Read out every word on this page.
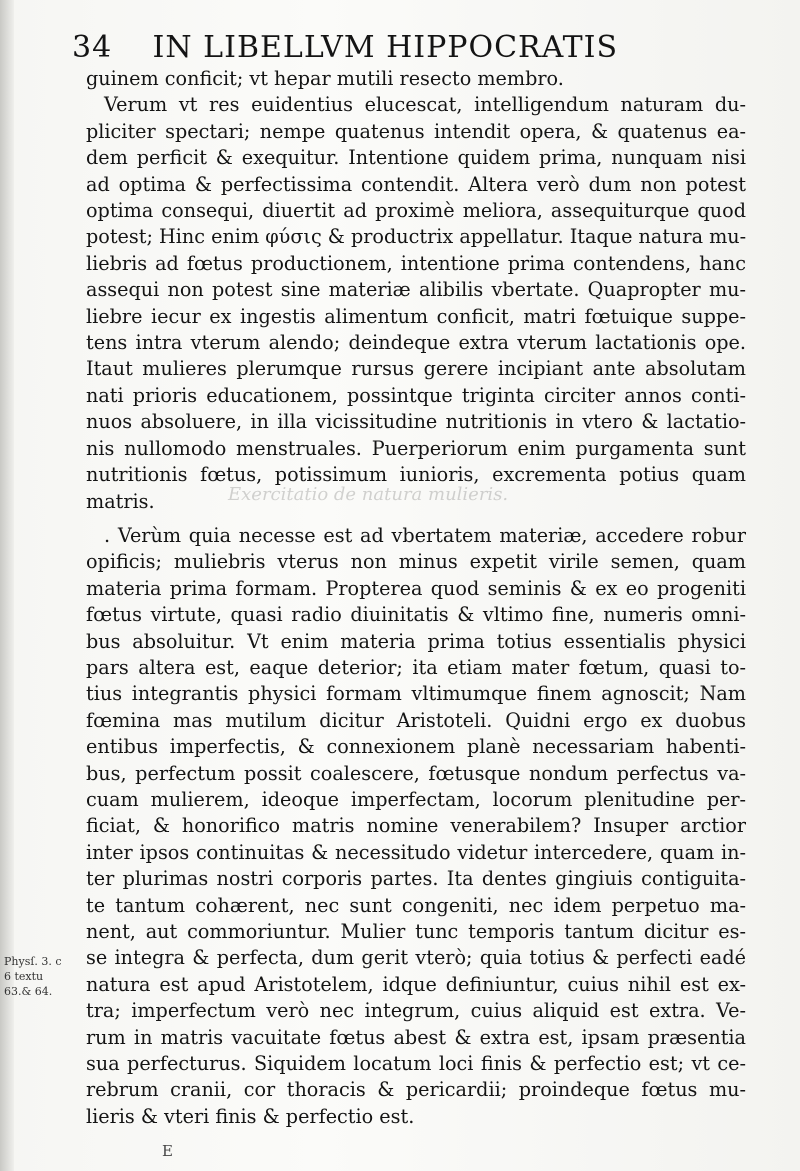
Exercitatio de natura mulieris.
34 IN LIBELLVM HIPPOCRATIS
guinem conficit; vt hepar mutili resecto membro.
Verum vt res euidentius elucescat, intelligendum naturam du-
pliciter spectari; nempe quatenus intendit opera, & quatenus ea-
dem perficit & exequitur. Intentione quidem prima, nunquam nisi
ad optima & perfectissima contendit. Altera verò dum non potest
optima consequi, diuertit ad proximè meliora, assequiturque quod
potest; Hinc enim φύσις & productrix appellatur. Itaque natura mu-
liebris ad fœtus productionem, intentione prima contendens, hanc
assequi non potest sine materiæ alibilis vbertate. Quapropter mu-
liebre iecur ex ingestis alimentum conficit, matri fœtuique suppe-
tens intra vterum alendo; deindeque extra vterum lactationis ope.
Itaut mulieres plerumque rursus gerere incipiant ante absolutam
nati prioris educationem, possintque triginta circiter annos conti-
nuos absoluere, in illa vicissitudine nutritionis in vtero & lactatio-
nis nullomodo menstruales. Puerperiorum enim purgamenta sunt
nutritionis fœtus, potissimum iunioris, excrementa potius quam
matris.
. Verùm quia necesse est ad vbertatem materiæ, accedere robur
opificis; muliebris vterus non minus expetit virile semen, quam
materia prima formam. Propterea quod seminis & ex eo progeniti
fœtus virtute, quasi radio diuinitatis & vltimo fine, numeris omni-
bus absoluitur. Vt enim materia prima totius essentialis physici
pars altera est, eaque deterior; ita etiam mater fœtum, quasi to-
tius integrantis physici formam vltimumque finem agnoscit; Nam
fœmina mas mutilum dicitur Aristoteli. Quidni ergo ex duobus
entibus imperfectis, & connexionem planè necessariam habenti-
bus, perfectum possit coalescere, fœtusque nondum perfectus va-
cuam mulierem, ideoque imperfectam, locorum plenitudine per-
ficiat, & honorifico matris nomine venerabilem? Insuper arctior
inter ipsos continuitas & necessitudo videtur intercedere, quam in-
ter plurimas nostri corporis partes. Ita dentes gingiuis contiguita-
te tantum cohærent, nec sunt congeniti, nec idem perpetuo ma-
nent, aut commoriuntur. Mulier tunc temporis tantum dicitur es-
se integra & perfecta, dum gerit vterò; quia totius & perfecti eadé
natura est apud Aristotelem, idque definiuntur, cuius nihil est ex-
tra; imperfectum verò nec integrum, cuius aliquid est extra. Ve-
rum in matris vacuitate fœtus abest & extra est, ipsam præsentia
sua perfecturus. Siquidem locatum loci finis & perfectio est; vt ce-
rebrum cranii, cor thoracis & pericardii; proindeque fœtus mu-
lieris & vteri finis & perfectio est.
Physſ. 3. c
6 textu
63.& 64.
E
